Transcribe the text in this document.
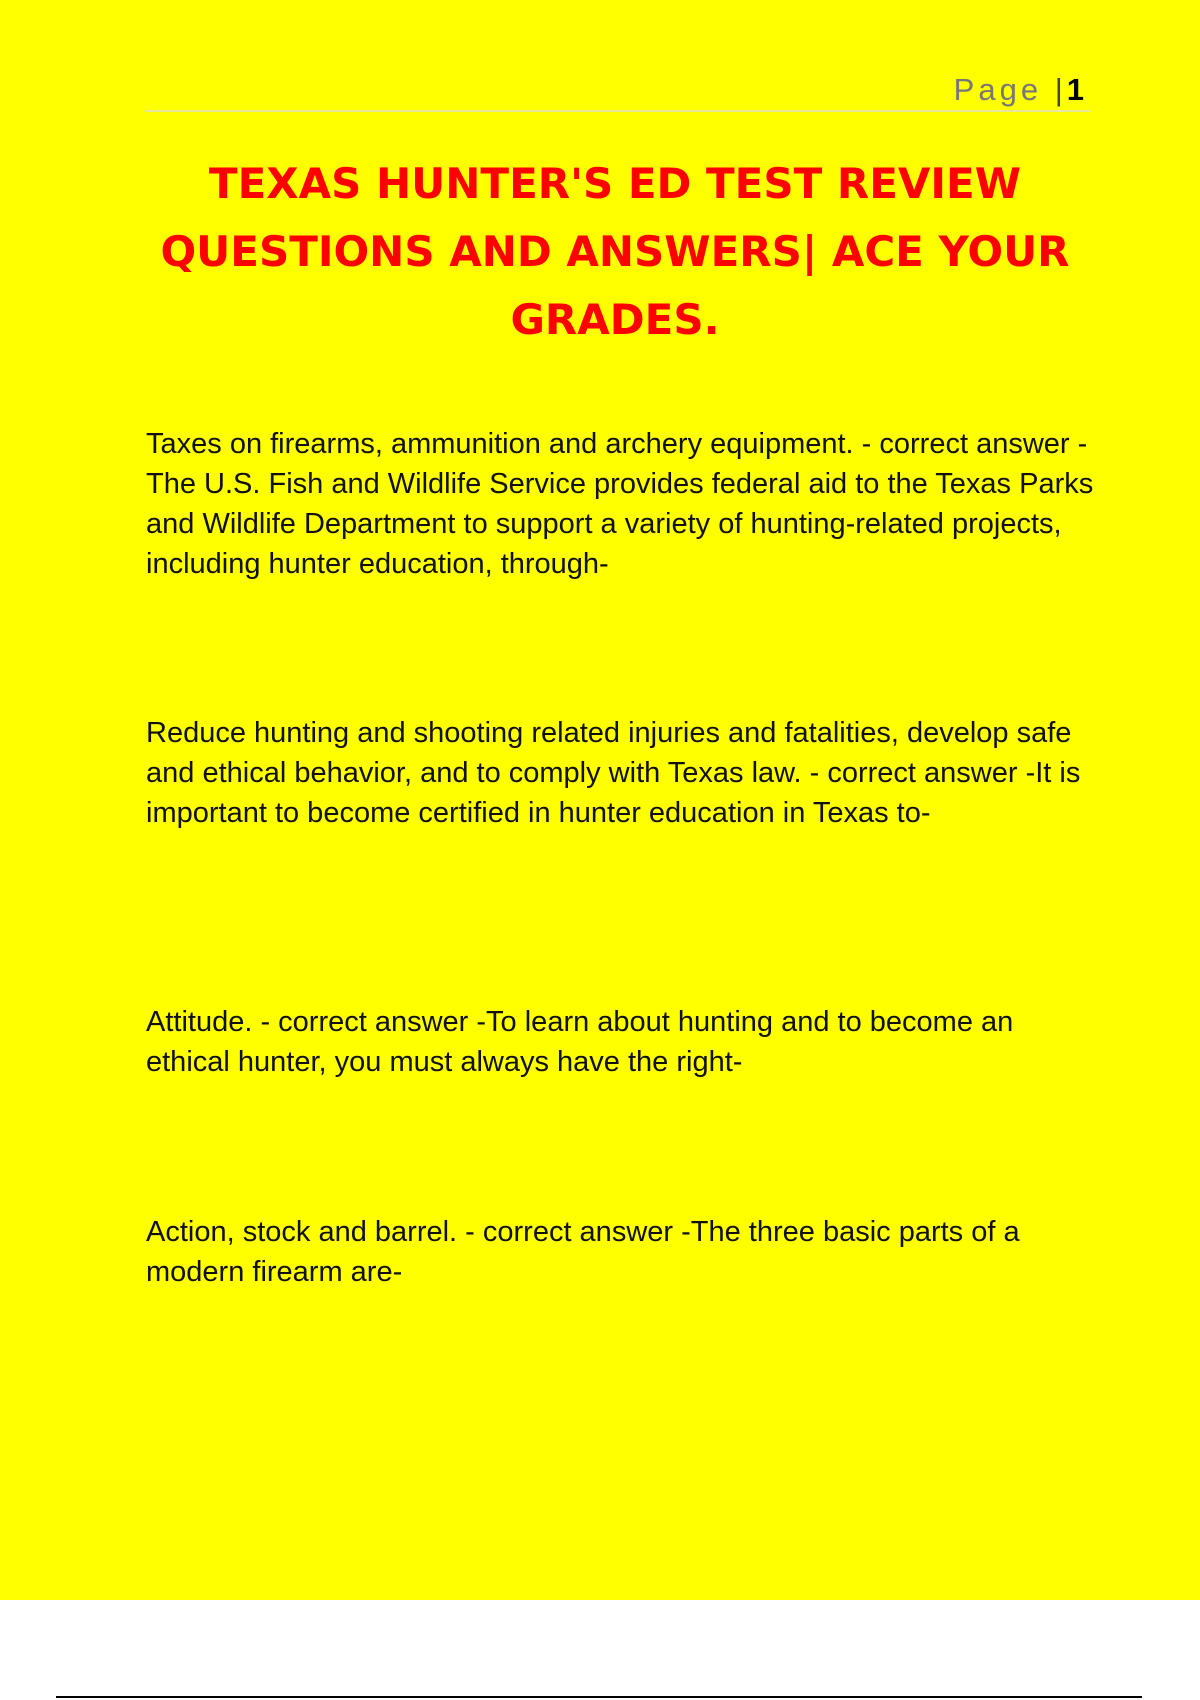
Page | 1
TEXAS HUNTER'S ED TEST REVIEW QUESTIONS AND ANSWERS| ACE YOUR GRADES.

Taxes on firearms, ammunition and archery equipment. - correct answer -The U.S. Fish and Wildlife Service provides federal aid to the Texas Parks and Wildlife Department to support a variety of hunting-related projects, including hunter education, through-

Reduce hunting and shooting related injuries and fatalities, develop safe and ethical behavior, and to comply with Texas law. - correct answer -It is important to become certified in hunter education in Texas to-

Attitude. - correct answer -To learn about hunting and to become an ethical hunter, you must always have the right-

Action, stock and barrel. - correct answer -The three basic parts of a modern firearm are-
